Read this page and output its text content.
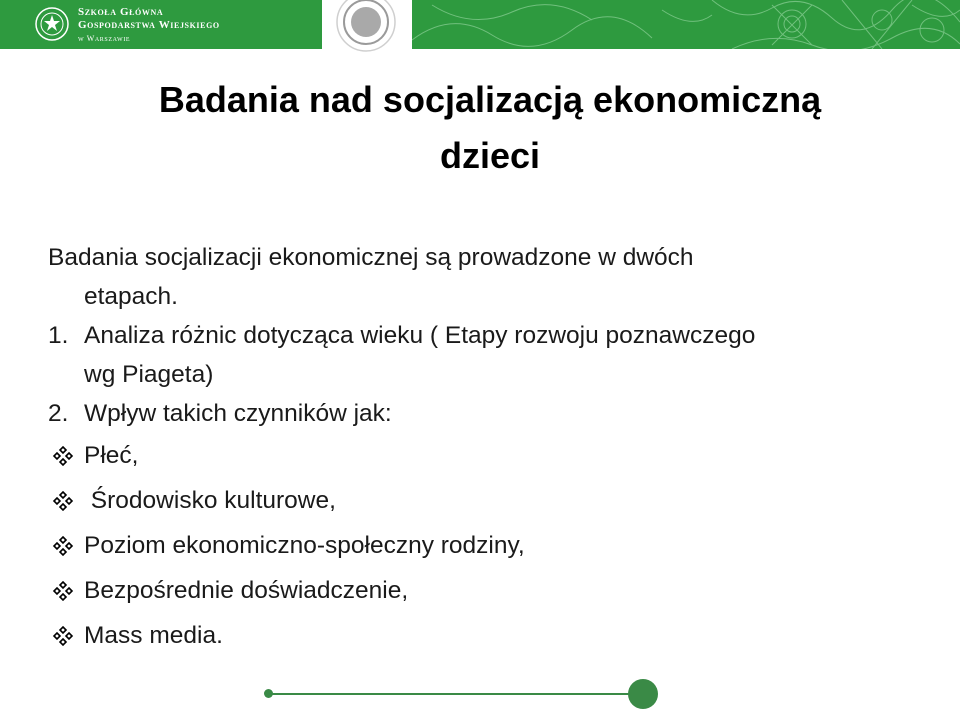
Szkoła Główna
Gospodarstwa Wiejskiego
w Warszawie
Badania nad socjalizacją ekonomiczną
dzieci

Badania socjalizacji ekonomicznej są prowadzone w dwóch

etapach.

1. Analiza różnic dotycząca wieku ( Etapy rozwoju poznawczego

wg Piageta)

2. Wpływ takich czynników jak:
Płeć,
Środowisko kulturowe,
Poziom ekonomiczno-społeczny rodziny,
Bezpośrednie doświadczenie,
Mass media.
